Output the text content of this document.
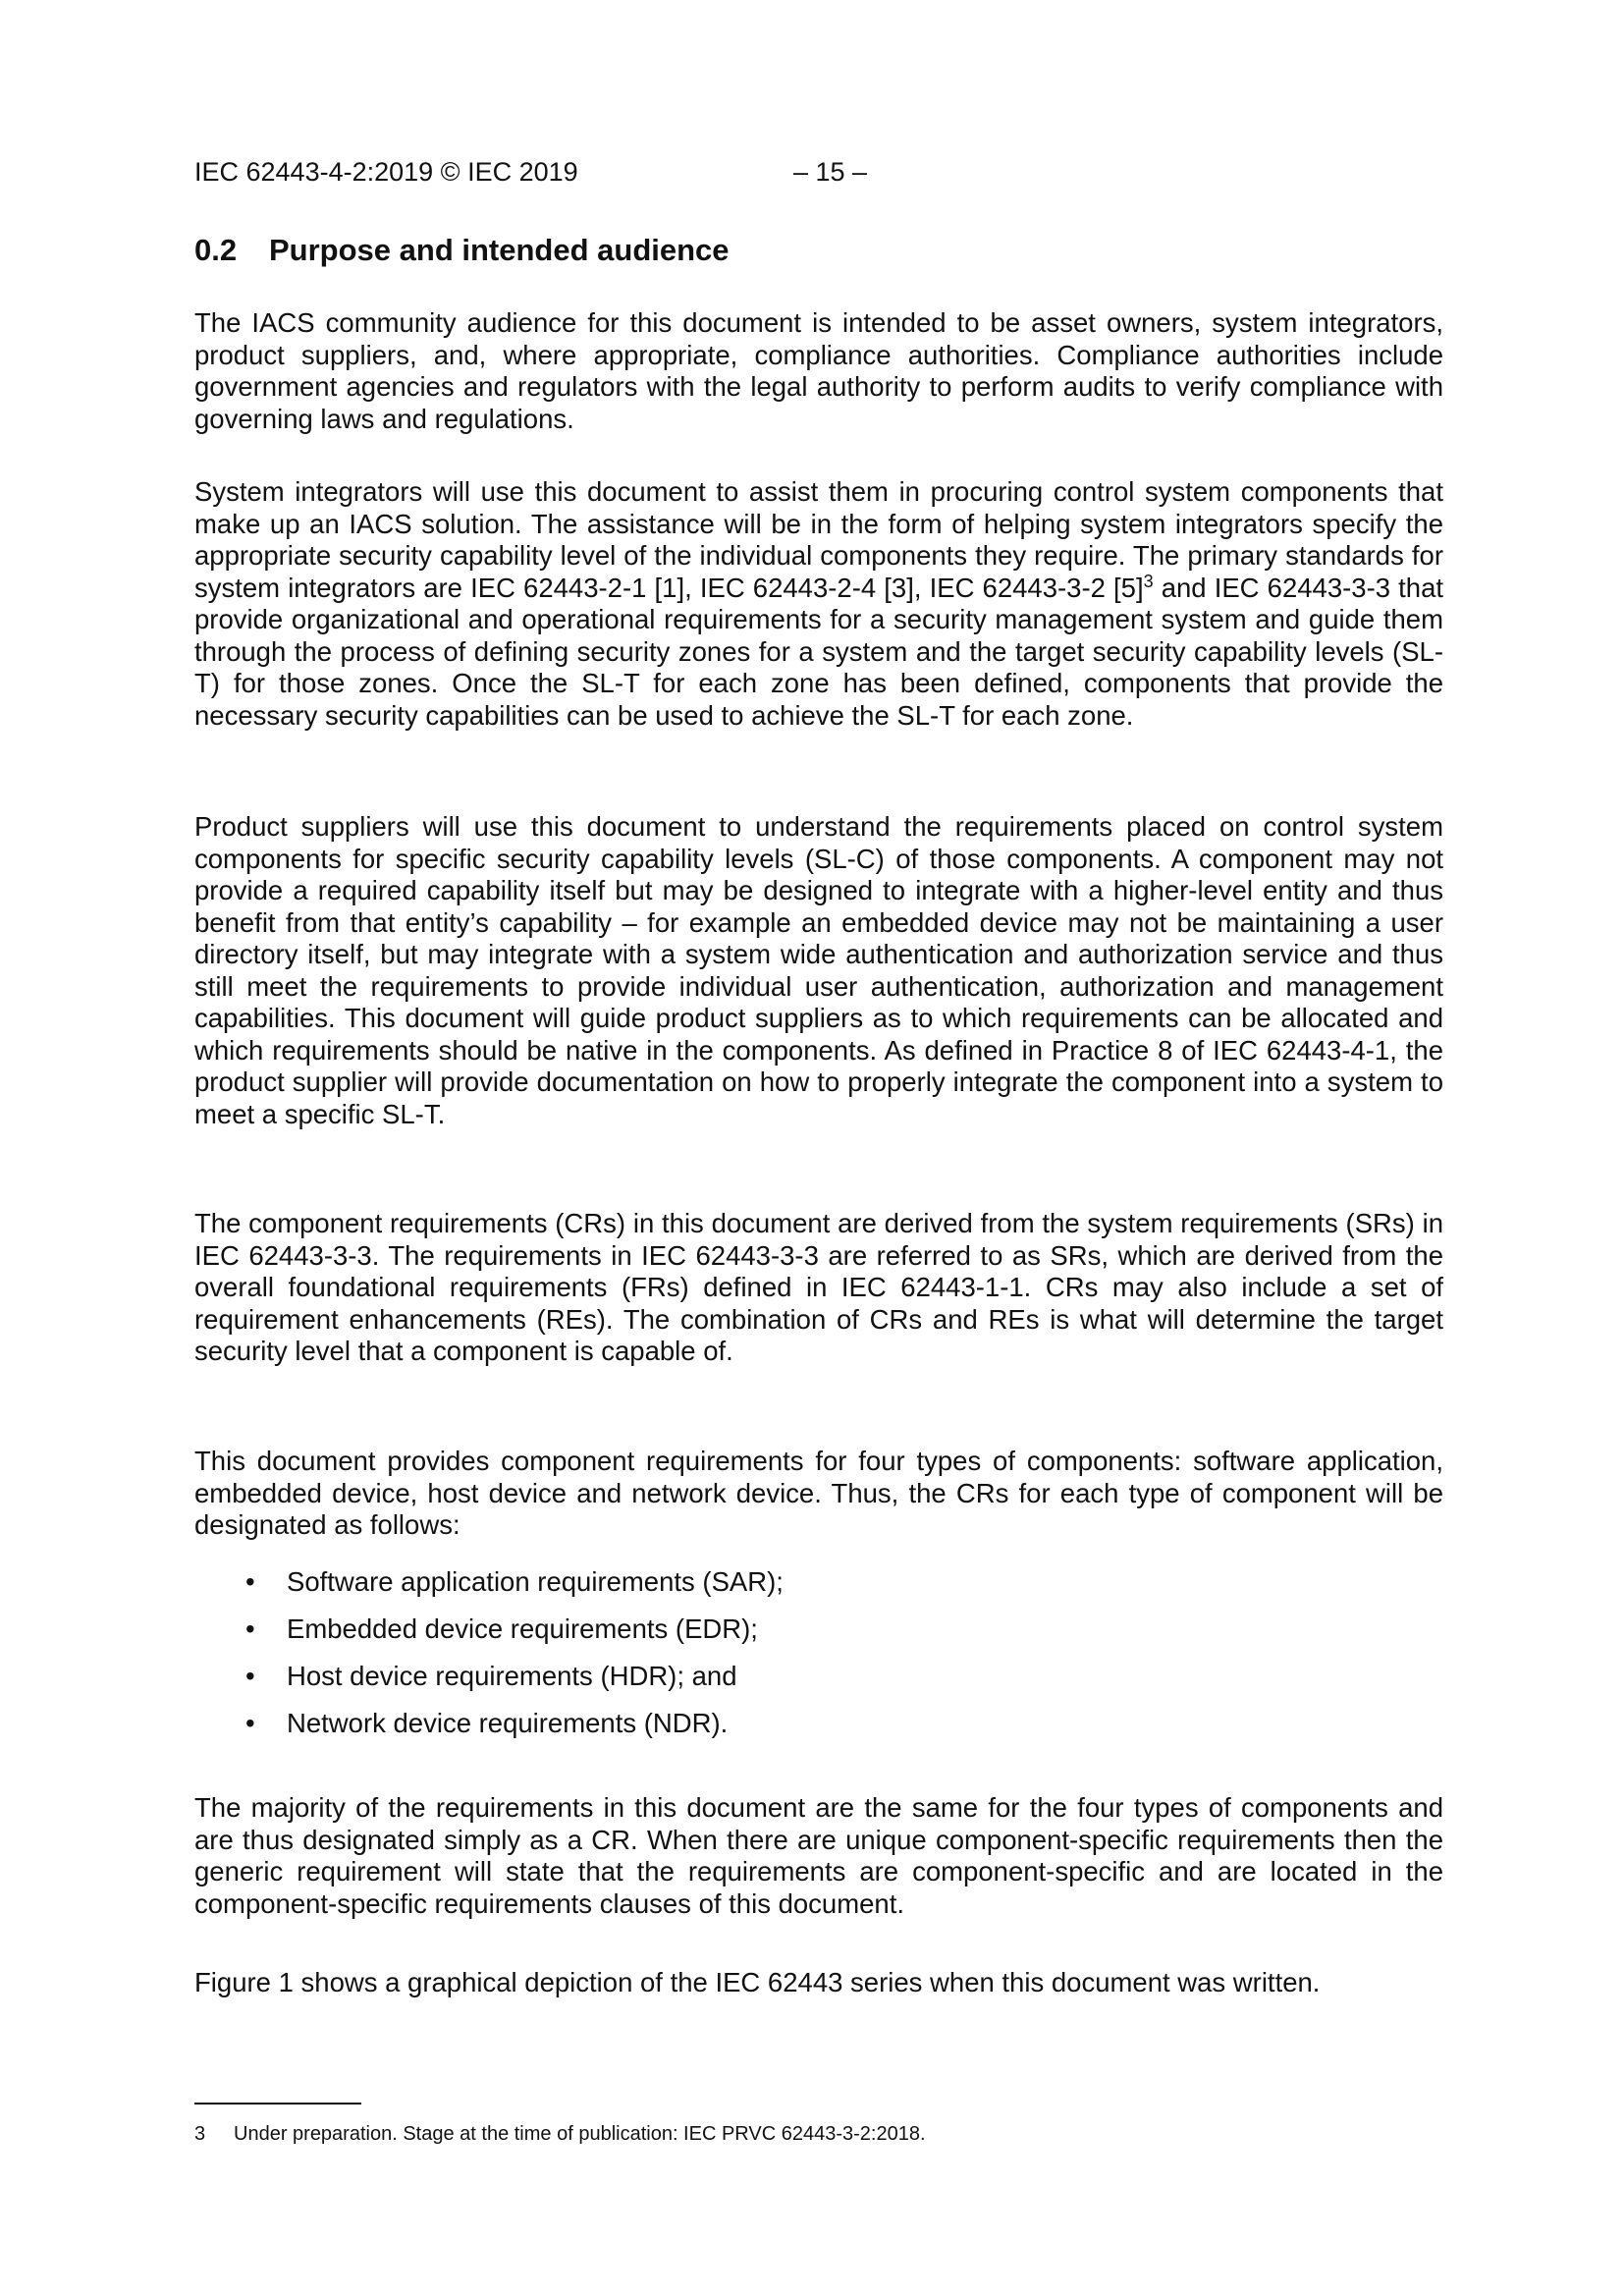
IEC 62443-4-2:2019 © IEC 2019	– 15 –
0.2 Purpose and intended audience

The IACS community audience for this document is intended to be asset owners, system integrators, product suppliers, and, where appropriate, compliance authorities. Compliance authorities include government agencies and regulators with the legal authority to perform audits to verify compliance with governing laws and regulations.

System integrators will use this document to assist them in procuring control system components that make up an IACS solution. The assistance will be in the form of helping system integrators specify the appropriate security capability level of the individual components they require. The primary standards for system integrators are IEC 62443‑2‑1 [1], IEC 62443‑2‑4 [3], IEC 62443‑3‑2 $[5]^3$ and IEC 62443‑3‑3 that provide organizational and operational requirements for a security management system and guide them through the process of defining security zones for a system and the target security capability levels (SL-T) for those zones. Once the SL-T for each zone has been defined, components that provide the necessary security capabilities can be used to achieve the SL-T for each zone.

Product suppliers will use this document to understand the requirements placed on control system components for specific security capability levels (SL-C) of those components. A component may not provide a required capability itself but may be designed to integrate with a higher-level entity and thus benefit from that entity’s capability – for example an embedded device may not be maintaining a user directory itself, but may integrate with a system wide authentication and authorization service and thus still meet the requirements to provide individual user authentication, authorization and management capabilities. This document will guide product suppliers as to which requirements can be allocated and which requirements should be native in the components. As defined in Practice 8 of IEC 62443‑4‑1, the product supplier will provide documentation on how to properly integrate the component into a system to meet a specific SL-T.

The component requirements (CRs) in this document are derived from the system requirements (SRs) in IEC 62443‑3‑3. The requirements in IEC 62443‑3‑3 are referred to as SRs, which are derived from the overall foundational requirements (FRs) defined in IEC 62443‑1‑1. CRs may also include a set of requirement enhancements (REs). The combination of CRs and REs is what will determine the target security level that a component is capable of.

This document provides component requirements for four types of components: software application, embedded device, host device and network device. Thus, the CRs for each type of component will be designated as follows:

• Software application requirements (SAR);
• Embedded device requirements (EDR);
• Host device requirements (HDR); and
• Network device requirements (NDR).

The majority of the requirements in this document are the same for the four types of components and are thus designated simply as a CR. When there are unique component-specific requirements then the generic requirement will state that the requirements are component-specific and are located in the component-specific requirements clauses of this document.

Figure 1 shows a graphical depiction of the IEC 62443 series when this document was written.

3 Under preparation. Stage at the time of publication: IEC PRVC 62443-3-2:2018.
